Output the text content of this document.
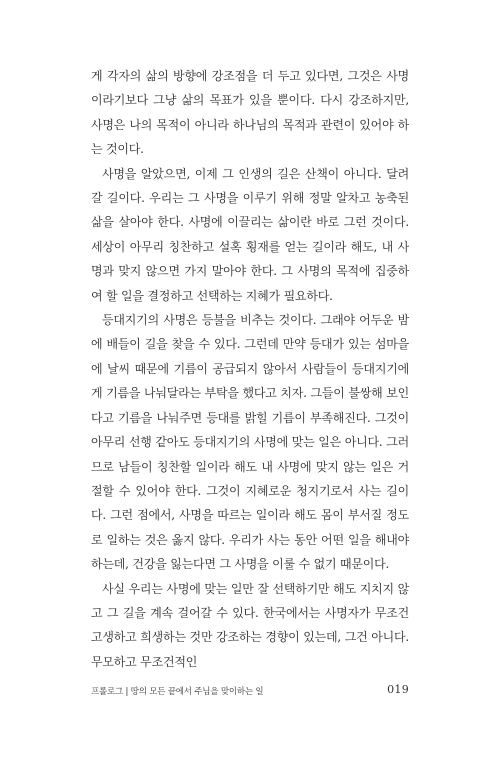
게 각자의 삶의 방향에 강조점을 더 두고 있다면, 그것은 사명이라기보다 그냥 삶의 목표가 있을 뿐이다. 다시 강조하지만, 사명은 나의 목적이 아니라 하나님의 목적과 관련이 있어야 하는 것이다.

사명을 알았으면, 이제 그 인생의 길은 산책이 아니다. 달려갈 길이다. 우리는 그 사명을 이루기 위해 정말 알차고 농축된 삶을 살아야 한다. 사명에 이끌리는 삶이란 바로 그런 것이다. 세상이 아무리 칭찬하고 설혹 횡재를 얻는 길이라 해도, 내 사명과 맞지 않으면 가지 말아야 한다. 그 사명의 목적에 집중하여 할 일을 결정하고 선택하는 지혜가 필요하다.

등대지기의 사명은 등불을 비추는 것이다. 그래야 어두운 밤에 배들이 길을 찾을 수 있다. 그런데 만약 등대가 있는 섬마을에 날씨 때문에 기름이 공급되지 않아서 사람들이 등대지기에게 기름을 나눠달라는 부탁을 했다고 치자. 그들이 불쌍해 보인다고 기름을 나눠주면 등대를 밝힐 기름이 부족해진다. 그것이 아무리 선행 같아도 등대지기의 사명에 맞는 일은 아니다. 그러므로 남들이 칭찬할 일이라 해도 내 사명에 맞지 않는 일은 거절할 수 있어야 한다. 그것이 지혜로운 청지기로서 사는 길이다. 그런 점에서, 사명을 따르는 일이라 해도 몸이 부서질 정도로 일하는 것은 옳지 않다. 우리가 사는 동안 어떤 일을 해내야 하는데, 건강을 잃는다면 그 사명을 이룰 수 없기 때문이다.

사실 우리는 사명에 맞는 일만 잘 선택하기만 해도 지치지 않고 그 길을 계속 걸어갈 수 있다. 한국에서는 사명자가 무조건 고생하고 희생하는 것만 강조하는 경향이 있는데, 그건 아니다. 무모하고 무조건적인

프롤로그 | 땅의 모든 끝에서 주님을 맞이하는 일	019
